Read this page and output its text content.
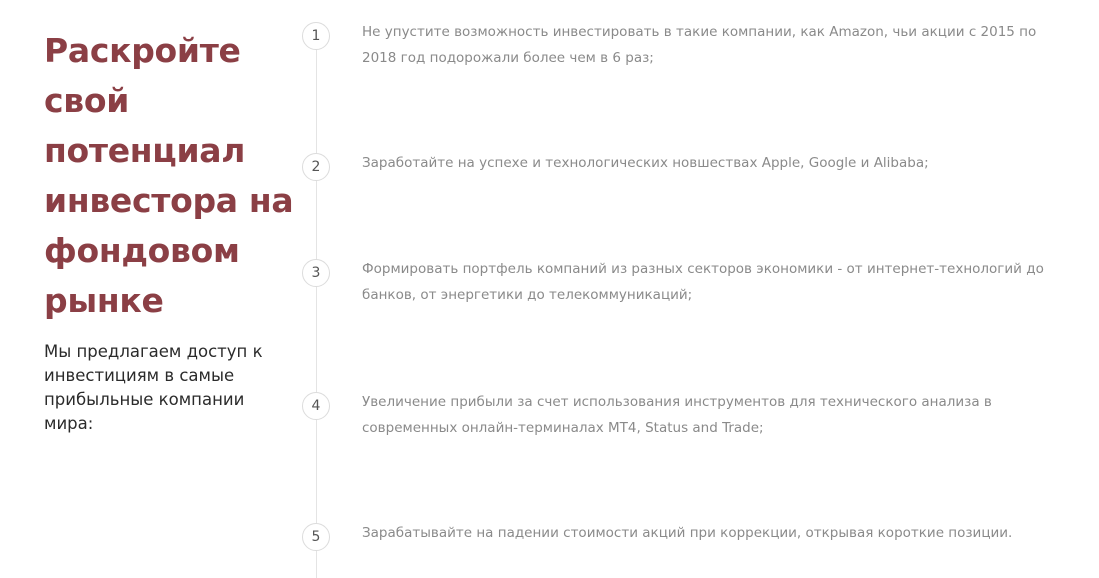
Раскройте свой потенциал инвестора на фондовом рынке

Мы предлагаем доступ к инвестициям в самые прибыльные компании мира:

1	Не упустите возможность инвестировать в такие компании, как Amazon, чьи акции с 2015 по 2018 год подорожали более чем в 6 раз;

2	Заработайте на успехе и технологических новшествах Apple, Google и Alibaba;

3	Формировать портфель компаний из разных секторов экономики - от интернет-технологий до банков, от энергетики до телекоммуникаций;

4	Увеличение прибыли за счет использования инструментов для технического анализа в современных онлайн-терминалах MT4, Status and Trade;

5	Зарабатывайте на падении стоимости акций при коррекции, открывая короткие позиции.
